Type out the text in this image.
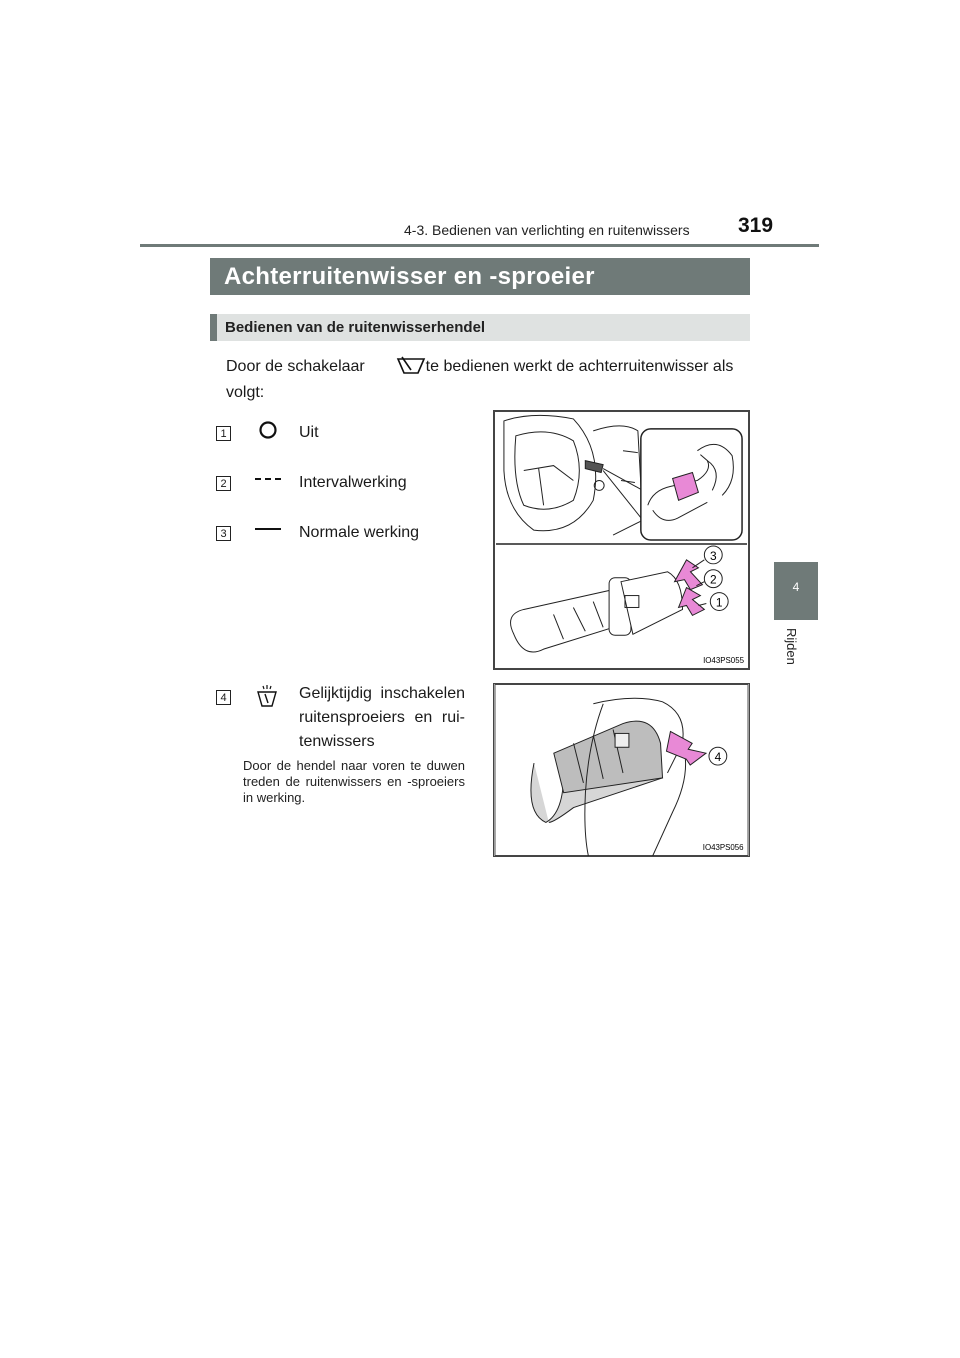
4-3. Bedienen van verlichting en ruitenwissers 319
4
Rijden
Achterruitenwisser en -sproeier
Bedienen van de ruitenwisserhendel
Door de schakelaar	te bedienen werkt de achterruitenwisser als volgt:
1	Uit
2	Intervalwerking
3	Normale werking
4	Gelijktijdig inschakelen ruitensproeiers en rui-tenwissers
Door de hendel naar voren te duwen treden de ruitenwissers en -sproeiers in werking.
3
2
1
IO43PS055
4
IO43PS056
